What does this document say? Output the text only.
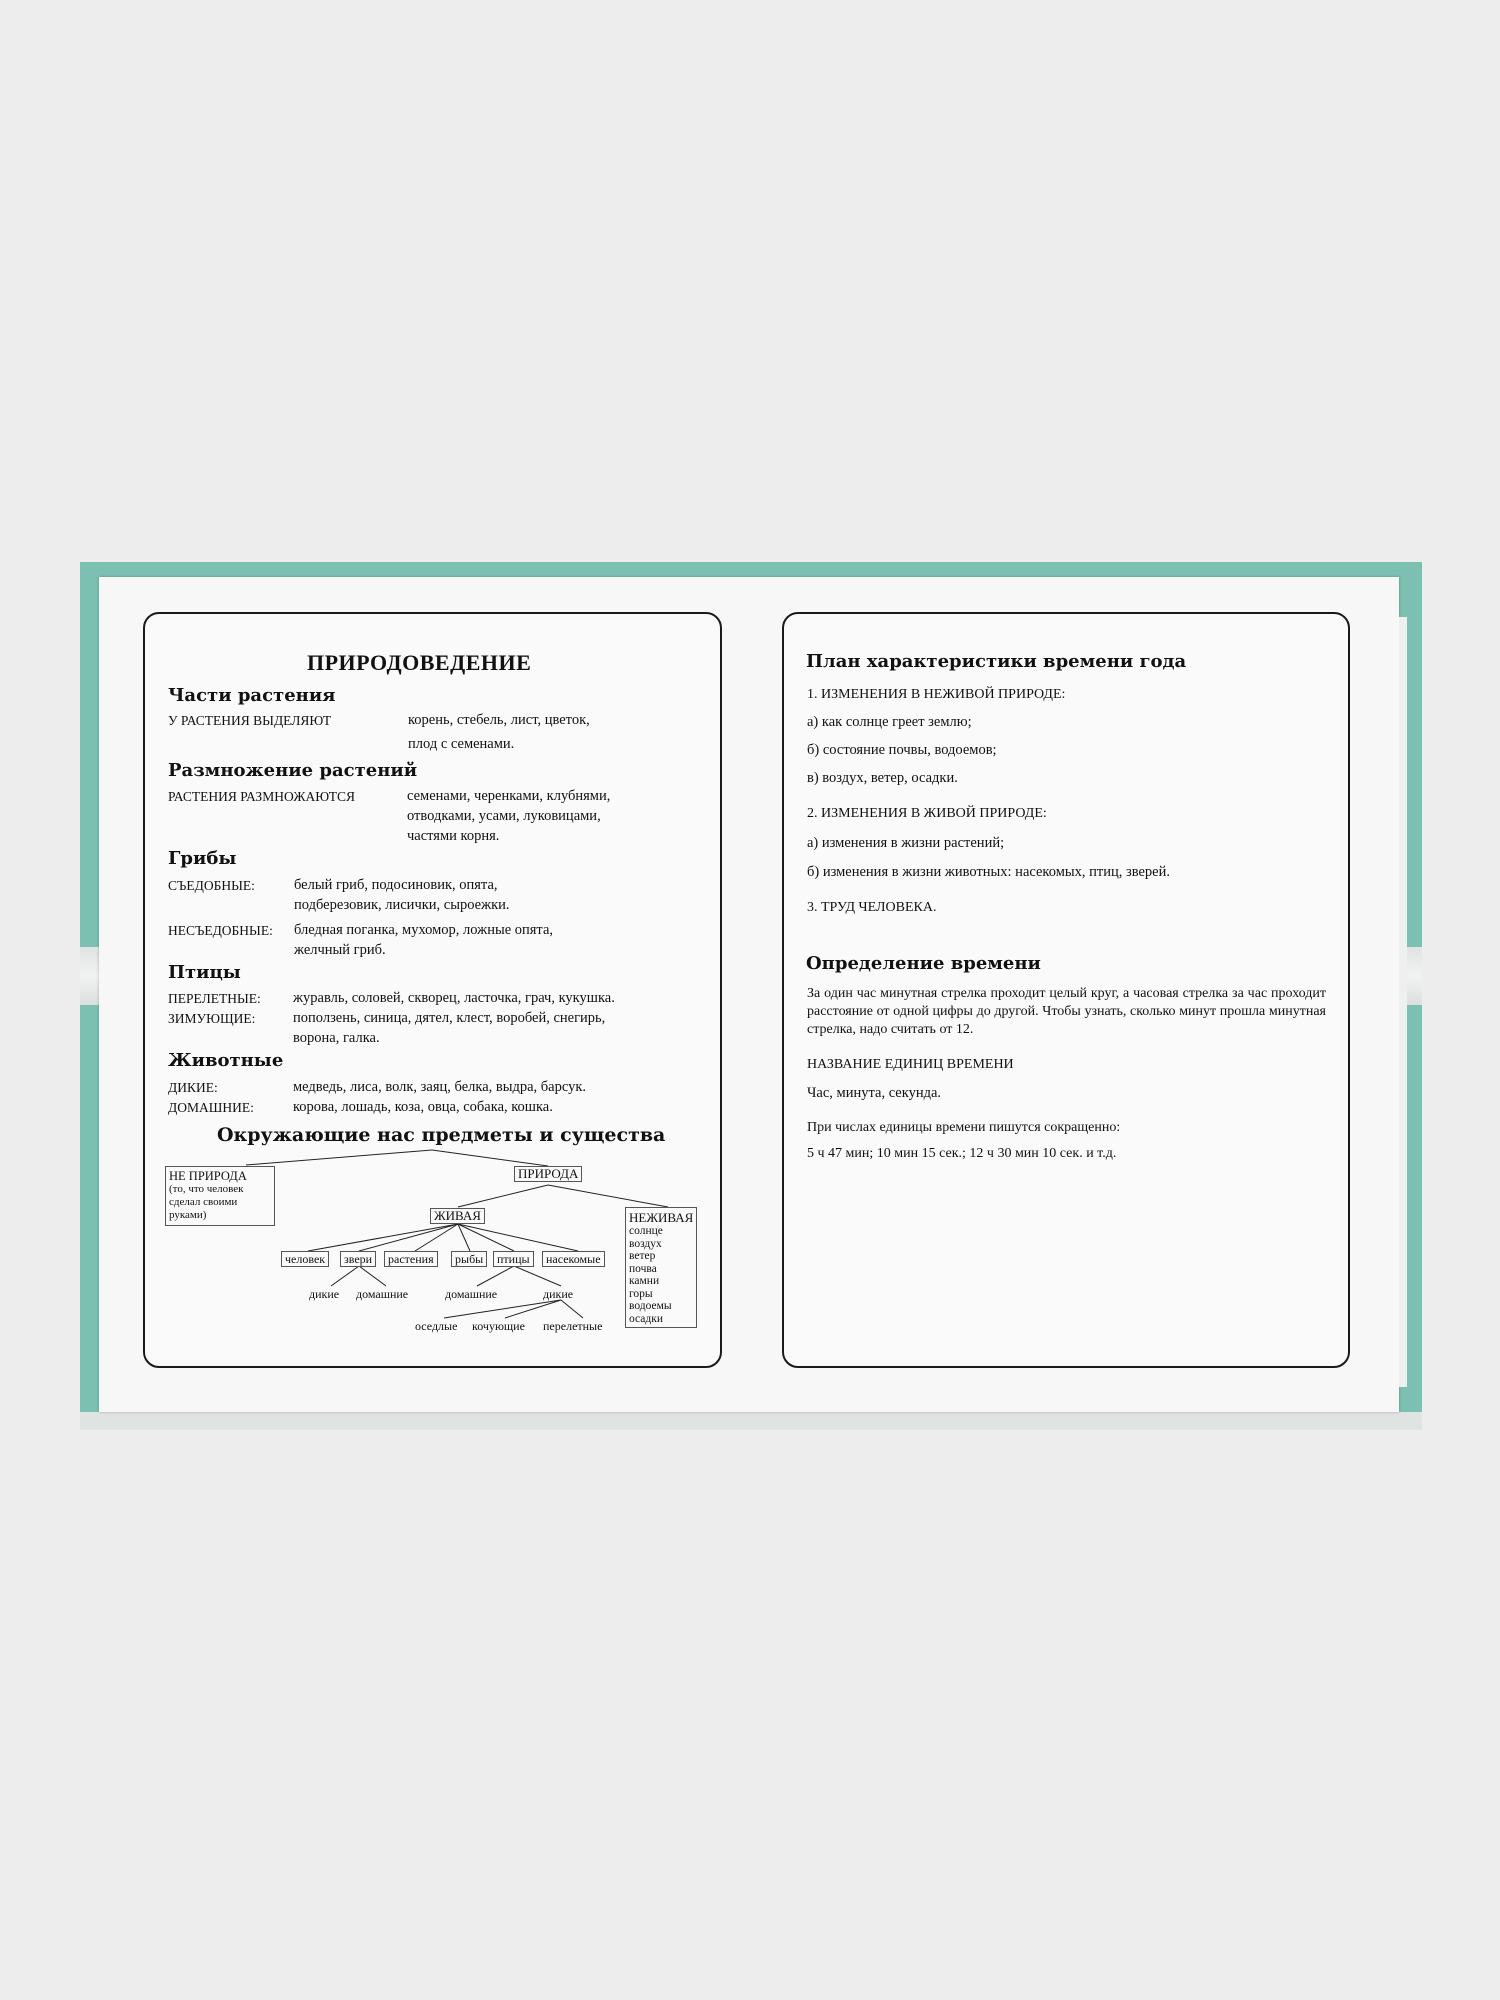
ПРИРОДОВЕДЕНИЕ
Части растения
У РАСТЕНИЯ ВЫДЕЛЯЮТ	корень, стебель, лист, цветок,
плод с семенами.
Размножение растений
РАСТЕНИЯ РАЗМНОЖАЮТСЯ	семенами, черенками, клубнями,
отводками, усами, луковицами,
частями корня.
Грибы
СЪЕДОБНЫЕ:	белый гриб, подосиновик, опята,
подберезовик, лисички, сыроежки.
НЕСЪЕДОБНЫЕ: бледная поганка, мухомор, ложные опята,
желчный гриб.
Птицы
ПЕРЕЛЕТНЫЕ: журавль, соловей, скворец, ласточка, грач, кукушка.
ЗИМУЮЩИЕ:	поползень, синица, дятел, клест, воробей, снегирь,
ворона, галка.
Животные
ДИКИЕ:	медведь, лиса, волк, заяц, белка, выдра, барсук.
ДОМАШНИЕ:	корова, лошадь, коза, овца, собака, кошка.
Окружающие нас предметы и существа
НЕ ПРИРОДА
(то, что человек
сделал своими
руками)
ПРИРОДА
ЖИВАЯ	НЕЖИВАЯ
солнце
воздух
ветер
почва
камни
горы
водоемы
осадки
человек	звери	растения	рыбы	птицы	насекомые
дикие домашние	домашние	дикие
оседлые кочующие перелетные
План характеристики времени года
1. ИЗМЕНЕНИЯ В НЕЖИВОЙ ПРИРОДЕ:
а) как солнце греет землю;
б) состояние почвы, водоемов;
в) воздух, ветер, осадки.
2. ИЗМЕНЕНИЯ В ЖИВОЙ ПРИРОДЕ:
а) изменения в жизни растений;
б) изменения в жизни животных: насекомых, птиц, зверей.
3. ТРУД ЧЕЛОВЕКА.
Определение времени
За один час минутная стрелка проходит целый круг, а часовая стрелка за час проходит расстояние от одной цифры до другой. Чтобы узнать, сколько минут прошла минутная стрелка, надо считать от 12.
НАЗВАНИЕ ЕДИНИЦ ВРЕМЕНИ
Час, минута, секунда.
При числах единицы времени пишутся сокращенно:
5 ч 47 мин; 10 мин 15 сек.; 12 ч 30 мин 10 сек. и т.д.
